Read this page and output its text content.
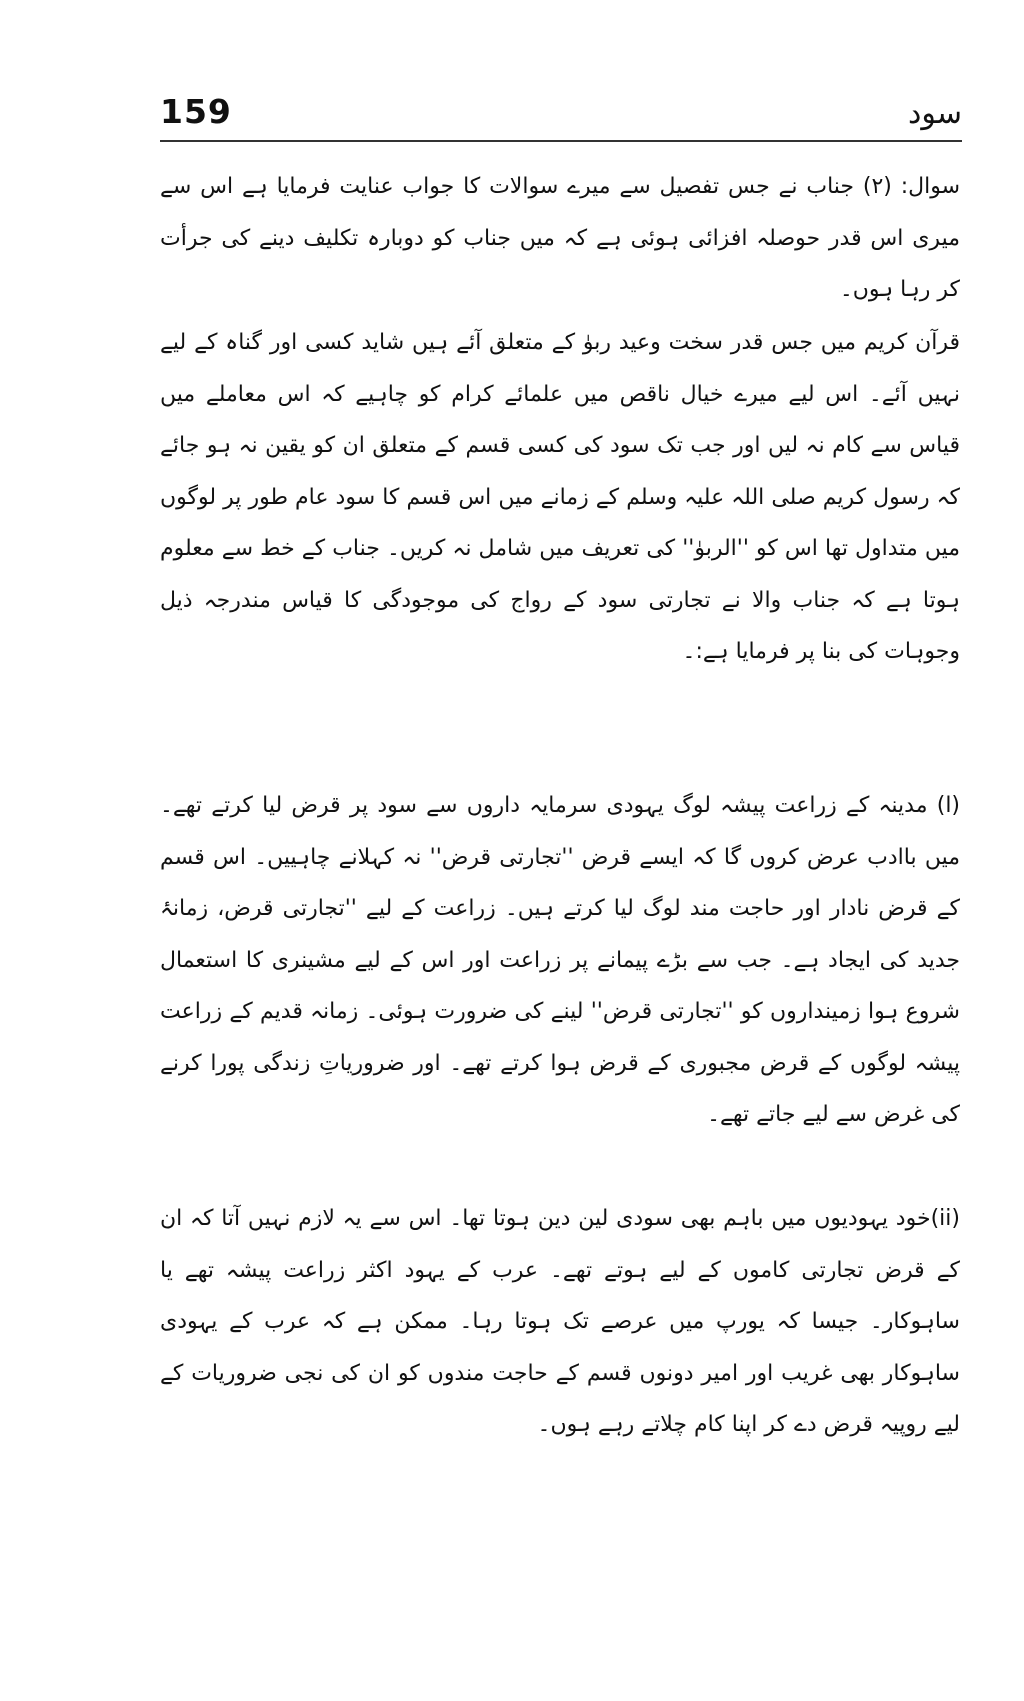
159	سود

سوال: (۲) جناب نے جس تفصیل سے میرے سوالات کا جواب عنایت فرمایا ہے اس سے میری اس قدر حوصلہ افزائی ہوئی ہے کہ میں جناب کو دوبارہ تکلیف دینے کی جرأت کر رہا ہوں۔

قرآن کریم میں جس قدر سخت وعید ربوٰ کے متعلق آئے ہیں شاید کسی اور گناہ کے لیے نہیں آئے۔ اس لیے میرے خیال ناقص میں علمائے کرام کو چاہیے کہ اس معاملے میں قیاس سے کام نہ لیں اور جب تک سود کی کسی قسم کے متعلق ان کو یقین نہ ہو جائے کہ رسول کریم صلی اللہ علیہ وسلم کے زمانے میں اس قسم کا سود عام طور پر لوگوں میں متداول تھا اس کو ''الربوٰ'' کی تعریف میں شامل نہ کریں۔ جناب کے خط سے معلوم ہوتا ہے کہ جناب والا نے تجارتی سود کے رواج کی موجودگی کا قیاس مندرجہ ذیل وجوہات کی بنا پر فرمایا ہے:۔

(ا) مدینہ کے زراعت پیشہ لوگ یہودی سرمایہ داروں سے سود پر قرض لیا کرتے تھے۔ میں باادب عرض کروں گا کہ ایسے قرض ''تجارتی قرض'' نہ کہلانے چاہییں۔ اس قسم کے قرض نادار اور حاجت مند لوگ لیا کرتے ہیں۔ زراعت کے لیے ''تجارتی قرض، زمانۂ جدید کی ایجاد ہے۔ جب سے بڑے پیمانے پر زراعت اور اس کے لیے مشینری کا استعمال شروع ہوا زمینداروں کو ''تجارتی قرض'' لینے کی ضرورت ہوئی۔ زمانہ قدیم کے زراعت پیشہ لوگوں کے قرض مجبوری کے قرض ہوا کرتے تھے۔ اور ضروریاتِ زندگی پورا کرنے کی غرض سے لیے جاتے تھے۔

(ii)خود یہودیوں میں باہم بھی سودی لین دین ہوتا تھا۔ اس سے یہ لازم نہیں آتا کہ ان کے قرض تجارتی کاموں کے لیے ہوتے تھے۔ عرب کے یہود اکثر زراعت پیشہ تھے یا ساہوکار۔ جیسا کہ یورپ میں عرصے تک ہوتا رہا۔ ممکن ہے کہ عرب کے یہودی ساہوکار بھی غریب اور امیر دونوں قسم کے حاجت مندوں کو ان کی نجی ضروریات کے لیے روپیہ قرض دے کر اپنا کام چلاتے رہے ہوں۔
